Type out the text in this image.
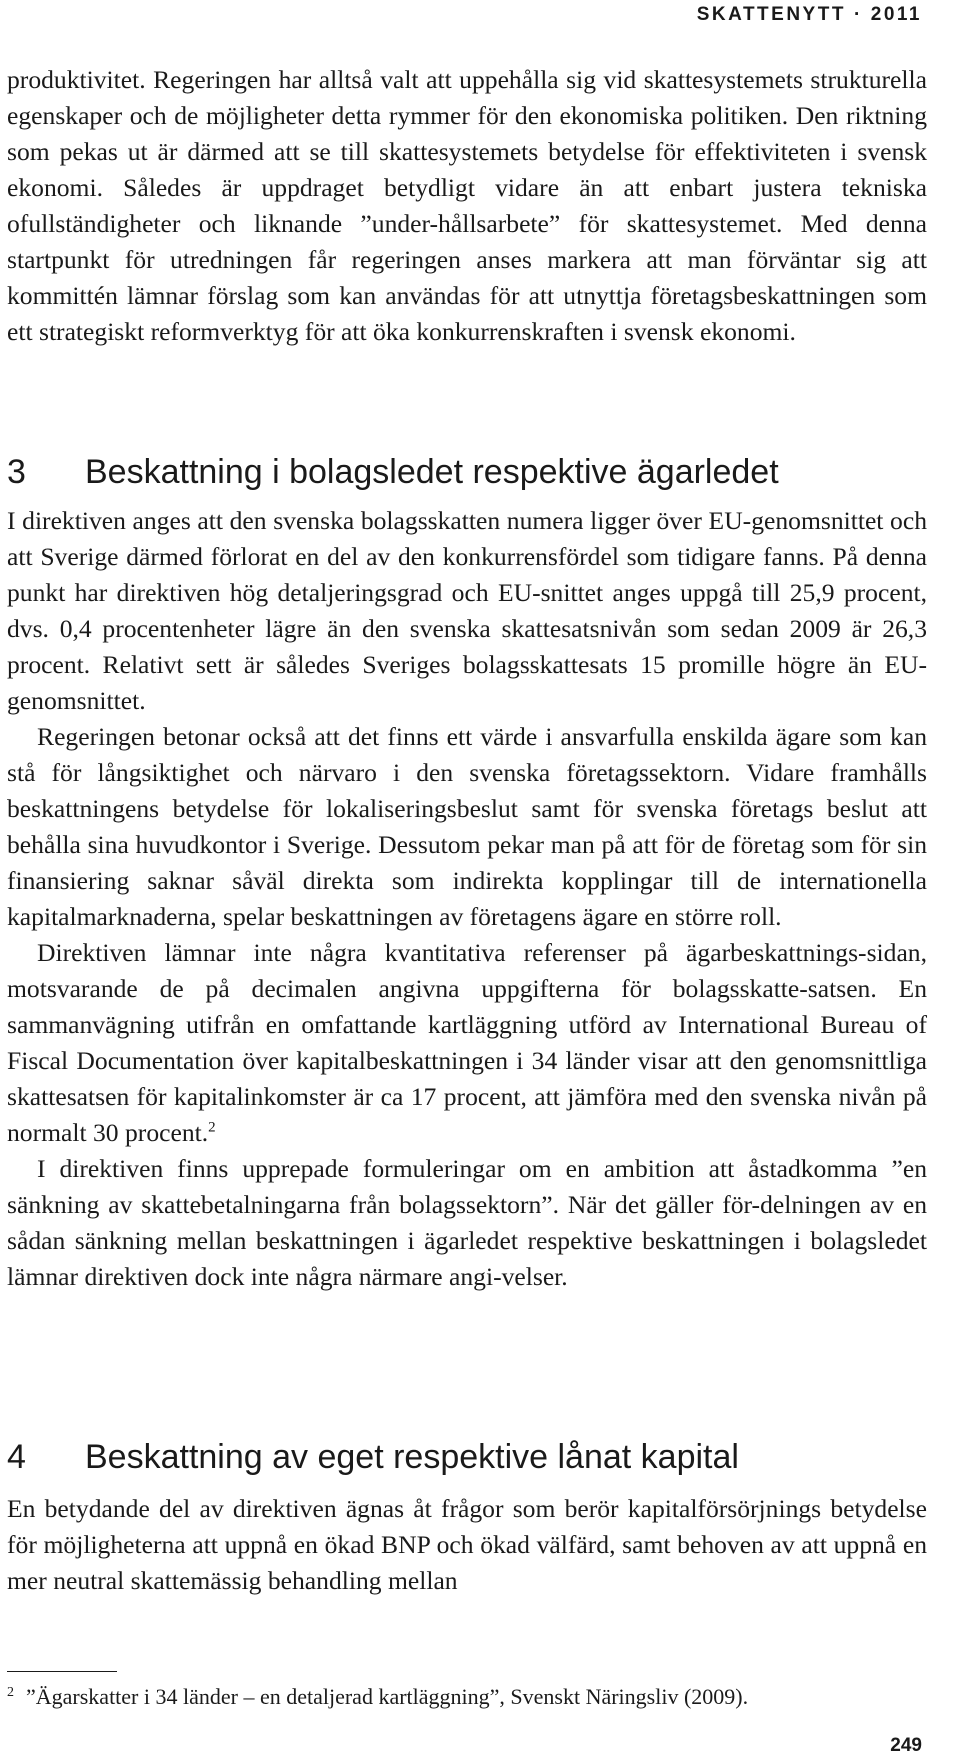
SKATTENYTT · 2011

produktivitet. Regeringen har alltså valt att uppehålla sig vid skattesystemets strukturella egenskaper och de möjligheter detta rymmer för den ekonomiska politiken. Den riktning som pekas ut är därmed att se till skattesystemets betydelse för effektiviteten i svensk ekonomi. Således är uppdraget betydligt vidare än att enbart justera tekniska ofullständigheter och liknande ”under-hållsarbete” för skattesystemet. Med denna startpunkt för utredningen får regeringen anses markera att man förväntar sig att kommittén lämnar förslag som kan användas för att utnyttja företagsbeskattningen som ett strategiskt reformverktyg för att öka konkurrenskraften i svensk ekonomi.

3 Beskattning i bolagsledet respektive ägarledet

I direktiven anges att den svenska bolagsskatten numera ligger över EU-genomsnittet och att Sverige därmed förlorat en del av den konkurrensfördel som tidigare fanns. På denna punkt har direktiven hög detaljeringsgrad och EU-snittet anges uppgå till 25,9 procent, dvs. 0,4 procentenheter lägre än den svenska skattesatsnivån som sedan 2009 är 26,3 procent. Relativt sett är således Sveriges bolagsskattesats 15 promille högre än EU-genomsnittet.

Regeringen betonar också att det finns ett värde i ansvarfulla enskilda ägare som kan stå för långsiktighet och närvaro i den svenska företagssektorn. Vidare framhålls beskattningens betydelse för lokaliseringsbeslut samt för svenska företags beslut att behålla sina huvudkontor i Sverige. Dessutom pekar man på att för de företag som för sin finansiering saknar såväl direkta som indirekta kopplingar till de internationella kapitalmarknaderna, spelar beskattningen av företagens ägare en större roll.

Direktiven lämnar inte några kvantitativa referenser på ägarbeskattnings-sidan, motsvarande de på decimalen angivna uppgifterna för bolagsskatte-satsen. En sammanvägning utifrån en omfattande kartläggning utförd av International Bureau of Fiscal Documentation över kapitalbeskattningen i 34 länder visar att den genomsnittliga skattesatsen för kapitalinkomster är ca 17 procent, att jämföra med den svenska nivån på normalt 30 procent.$^2$

I direktiven finns upprepade formuleringar om en ambition att åstadkomma ”en sänkning av skattebetalningarna från bolagssektorn”. När det gäller för-delningen av en sådan sänkning mellan beskattningen i ägarledet respektive beskattningen i bolagsledet lämnar direktiven dock inte några närmare angi-velser.

4 Beskattning av eget respektive lånat kapital

En betydande del av direktiven ägnas åt frågor som berör kapitalförsörjnings betydelse för möjligheterna att uppnå en ökad BNP och ökad välfärd, samt behoven av att uppnå en mer neutral skattemässig behandling mellan

$^2$ ”Ägarskatter i 34 länder – en detaljerad kartläggning”, Svenskt Näringsliv (2009).
249
